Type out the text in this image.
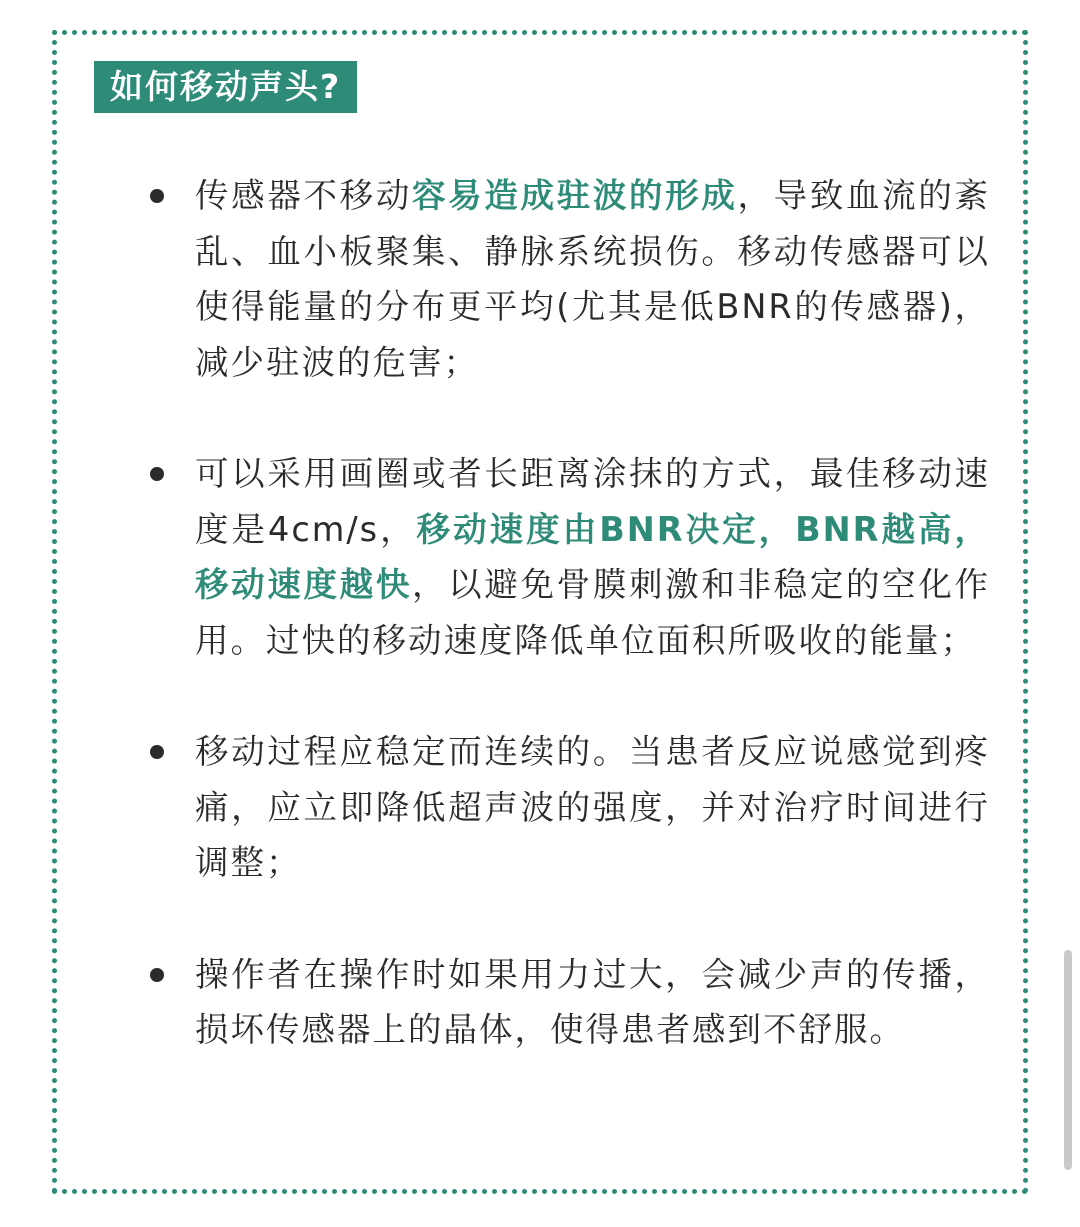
如何移动声头?
传感器不移动容易造成驻波的形成，导致血流的紊乱、血小板聚集、静脉系统损伤。移动传感器可以使得能量的分布更平均(尤其是低BNR的传感器)，减少驻波的危害；
可以采用画圈或者长距离涂抹的方式，最佳移动速度是4cm/s，移动速度由BNR决定，BNR越高，移动速度越快，以避免骨膜刺激和非稳定的空化作用。过快的移动速度降低单位面积所吸收的能量；
移动过程应稳定而连续的。当患者反应说感觉到疼痛，应立即降低超声波的强度，并对治疗时间进行调整；
操作者在操作时如果用力过大，会减少声的传播，损坏传感器上的晶体，使得患者感到不舒服。
